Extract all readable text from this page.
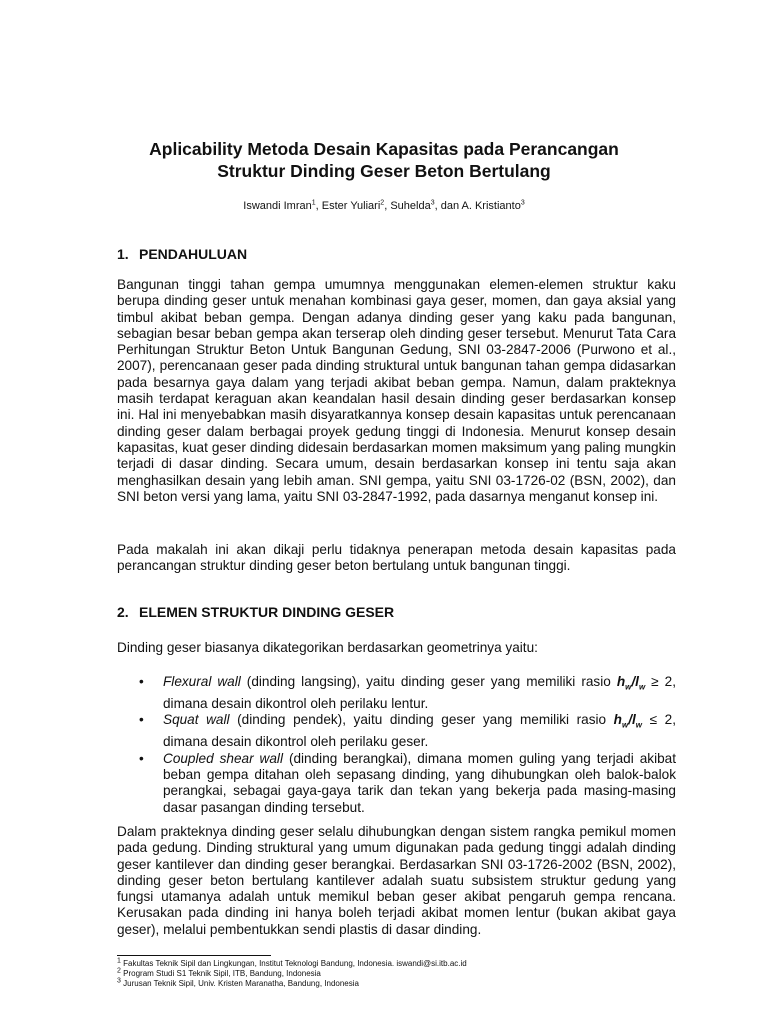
Aplicability Metoda Desain Kapasitas pada Perancangan
Struktur Dinding Geser Beton Bertulang
Iswandi Imran$^1$, Ester Yuliari$^2$, Suhelda$^3$, dan A. Kristianto$^3$
1. PENDAHULUAN

Bangunan tinggi tahan gempa umumnya menggunakan elemen-elemen struktur kaku berupa dinding geser untuk menahan kombinasi gaya geser, momen, dan gaya aksial yang timbul akibat beban gempa. Dengan adanya dinding geser yang kaku pada bangunan, sebagian besar beban gempa akan terserap oleh dinding geser tersebut. Menurut Tata Cara Perhitungan Struktur Beton Untuk Bangunan Gedung, SNI 03-2847-2006 (Purwono et al., 2007), perencanaan geser pada dinding struktural untuk bangunan tahan gempa didasarkan pada besarnya gaya dalam yang terjadi akibat beban gempa. Namun, dalam prakteknya masih terdapat keraguan akan keandalan hasil desain dinding geser berdasarkan konsep ini. Hal ini menyebabkan masih disyaratkannya konsep desain kapasitas untuk perencanaan dinding geser dalam berbagai proyek gedung tinggi di Indonesia. Menurut konsep desain kapasitas, kuat geser dinding didesain berdasarkan momen maksimum yang paling mungkin terjadi di dasar dinding. Secara umum, desain berdasarkan konsep ini tentu saja akan menghasilkan desain yang lebih aman. SNI gempa, yaitu SNI 03-1726-02 (BSN, 2002), dan SNI beton versi yang lama, yaitu SNI 03-2847-1992, pada dasarnya menganut konsep ini.

Pada makalah ini akan dikaji perlu tidaknya penerapan metoda desain kapasitas pada perancangan struktur dinding geser beton bertulang untuk bangunan tinggi.

2. ELEMEN STRUKTUR DINDING GESER

Dinding geser biasanya dikategorikan berdasarkan geometrinya yaitu:

• Flexural wall (dinding langsing), yaitu dinding geser yang memiliki rasio $h_w/l_w \ge 2$, dimana desain dikontrol oleh perilaku lentur.
• Squat wall (dinding pendek), yaitu dinding geser yang memiliki rasio $h_w/l_w \le 2$, dimana desain dikontrol oleh perilaku geser.
• Coupled shear wall (dinding berangkai), dimana momen guling yang terjadi akibat beban gempa ditahan oleh sepasang dinding, yang dihubungkan oleh balok-balok perangkai, sebagai gaya-gaya tarik dan tekan yang bekerja pada masing-masing dasar pasangan dinding tersebut.

Dalam prakteknya dinding geser selalu dihubungkan dengan sistem rangka pemikul momen pada gedung. Dinding struktural yang umum digunakan pada gedung tinggi adalah dinding geser kantilever dan dinding geser berangkai. Berdasarkan SNI 03-1726-2002 (BSN, 2002), dinding geser beton bertulang kantilever adalah suatu subsistem struktur gedung yang fungsi utamanya adalah untuk memikul beban geser akibat pengaruh gempa rencana. Kerusakan pada dinding ini hanya boleh terjadi akibat momen lentur (bukan akibat gaya geser), melalui pembentukkan sendi plastis di dasar dinding.

$^1$ Fakultas Teknik Sipil dan Lingkungan, Institut Teknologi Bandung, Indonesia. iswandi@si.itb.ac.id
$^2$ Program Studi S1 Teknik Sipil, ITB, Bandung, Indonesia
$^3$ Jurusan Teknik Sipil, Univ. Kristen Maranatha, Bandung, Indonesia
